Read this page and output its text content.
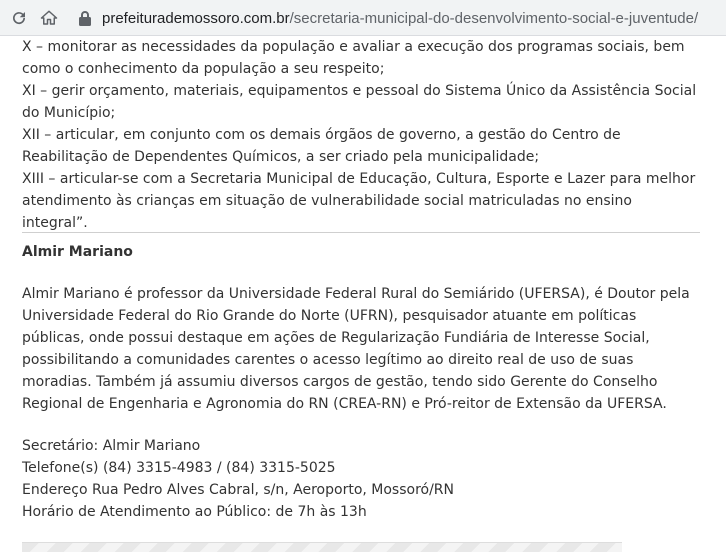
prefeiturademossoro.com.br /secretaria-municipal-do-desenvolvimento-social-e-juventude/

X – monitorar as necessidades da população e avaliar a execução dos programas sociais, bem como o conhecimento da população a seu respeito;

XI – gerir orçamento, materiais, equipamentos e pessoal do Sistema Único da Assistência Social do Município;

XII – articular, em conjunto com os demais órgãos de governo, a gestão do Centro de Reabilitação de Dependentes Químicos, a ser criado pela municipalidade;

XIII – articular-se com a Secretaria Municipal de Educação, Cultura, Esporte e Lazer para melhor atendimento às crianças em situação de vulnerabilidade social matriculadas no ensino integral”.

Almir Mariano

Almir Mariano é professor da Universidade Federal Rural do Semiárido (UFERSA), é Doutor pela Universidade Federal do Rio Grande do Norte (UFRN), pesquisador atuante em políticas públicas, onde possui destaque em ações de Regularização Fundiária de Interesse Social, possibilitando a comunidades carentes o acesso legítimo ao direito real de uso de suas moradias. Também já assumiu diversos cargos de gestão, tendo sido Gerente do Conselho Regional de Engenharia e Agronomia do RN (CREA-RN) e Pró-reitor de Extensão da UFERSA.

Secretário: Almir Mariano
Telefone(s) (84) 3315-4983 / (84) 3315-5025
Endereço Rua Pedro Alves Cabral, s/n, Aeroporto, Mossoró/RN
Horário de Atendimento ao Público: de 7h às 13h
